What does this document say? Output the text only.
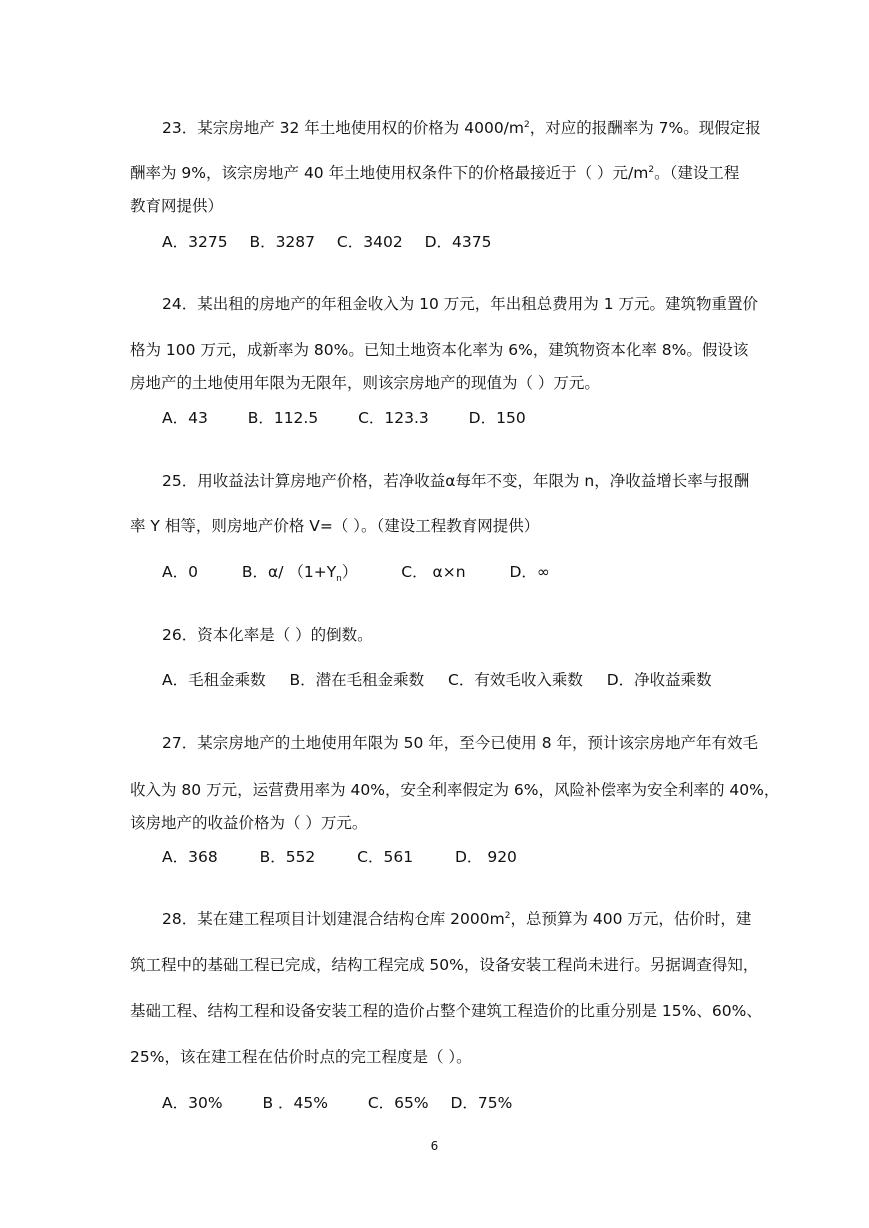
23．某宗房地产 32 年土地使用权的价格为 $4000/m^2$，对应的报酬率为 7%。现假定报
酬率为 9%，该宗房地产 40 年土地使用权条件下的价格最接近于（ ）元$/m^2$。（建设工程
教育网提供）
A．3275 B．3287 C．3402 D．4375
24．某出租的房地产的年租金收入为 10 万元，年出租总费用为 1 万元。建筑物重置价
格为 100 万元，成新率为 80%。已知土地资本化率为 6%，建筑物资本化率 8%。假设该
房地产的土地使用年限为无限年，则该宗房地产的现值为（ ）万元。
A．43	B．112.5	C．123.3	D．150
25．用收益法计算房地产价格，若净收益α每年不变，年限为 n，净收益增长率与报酬
率 Y 相等，则房地产价格 V=（ ）。（建设工程教育网提供）
A．0	B．α/ $(1+Y_n)$	C． α×n	D．∞
26．资本化率是（ ）的倒数。
A．毛租金乘数 B．潜在毛租金乘数 C．有效毛收入乘数 D．净收益乘数
27．某宗房地产的土地使用年限为 50 年，至今已使用 8 年，预计该宗房地产年有效毛
收入为 80 万元，运营费用率为 40%，安全利率假定为 6%，风险补偿率为安全利率的 40%，
该房地产的收益价格为（ ）万元。
A．368	B．552	C．561	D． 920
28．某在建工程项目计划建混合结构仓库 $2000m^2$，总预算为 400 万元，估价时，建
筑工程中的基础工程已完成，结构工程完成 50%，设备安装工程尚未进行。另据调查得知，
基础工程、结构工程和设备安装工程的造价占整个建筑工程造价的比重分别是 15%、60%、
25%，该在建工程在估价时点的完工程度是（ ）。
A．30%	B ．45%	C．65% D．75%
6
